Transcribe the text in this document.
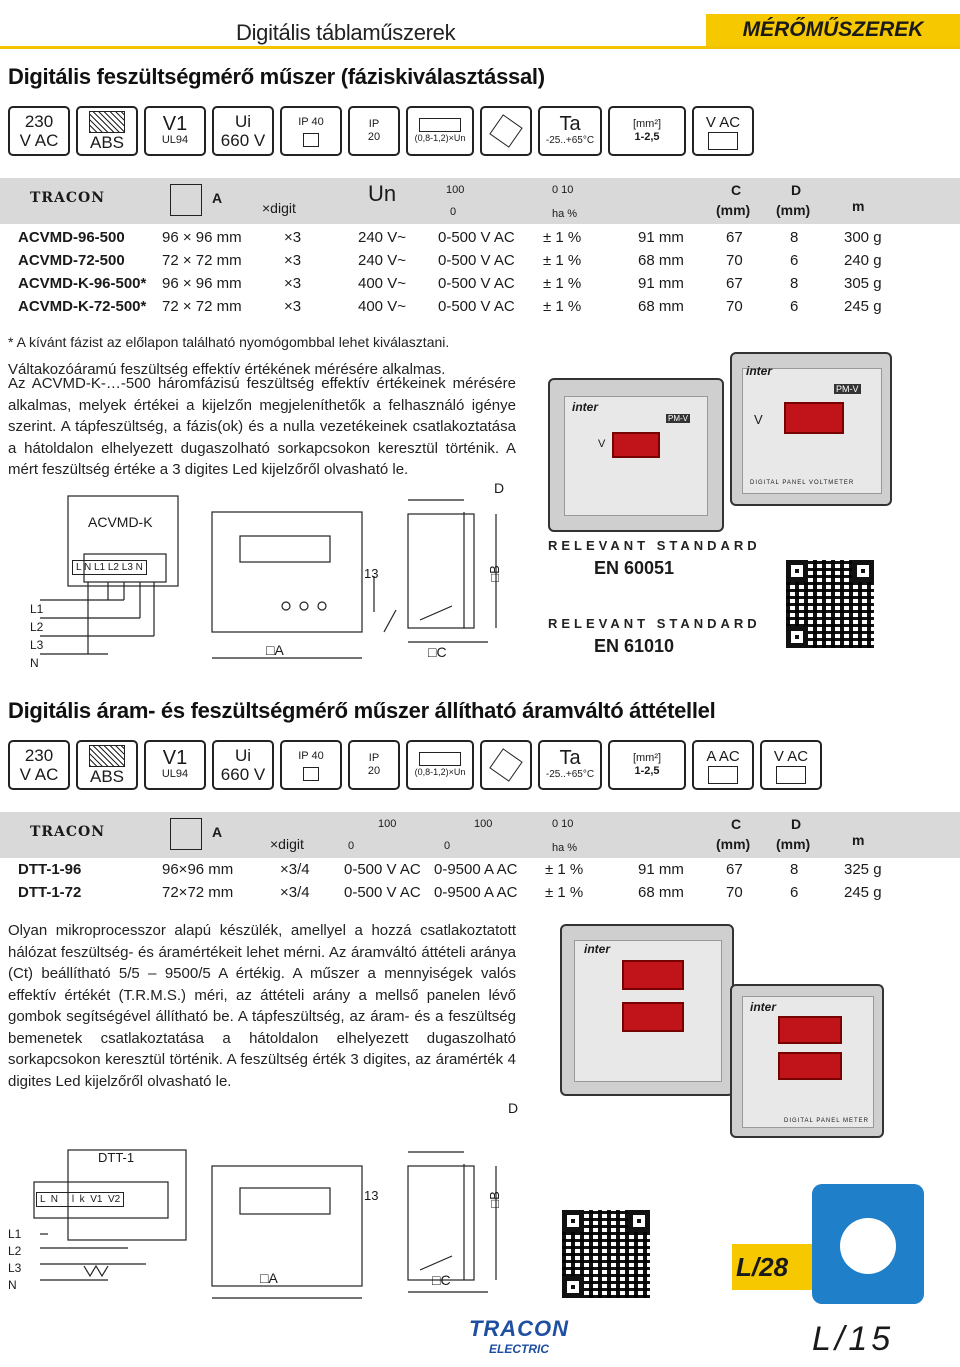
Digitális táblaműszerek	MÉRŐMŰSZEREK
Digitális feszültségmérő műszer (fáziskiválasztással)
230
V AC ABS
V1
UL94
Ui
660 V
IP 40	IP
20	(0,8-1,2)×Un
Ta
-25..+65°C
[mm²]
1-2,5
V AC
TRACON	A
×digit
Un
0
100	0 10
ha %
C
(mm)
D
(mm)	m
ACVMD-96-500 96 × 96 mm	×3	240 V~ 0-500 V AC ± 1 %	91 mm	67	8	300 g
ACVMD-72-500 72 × 72 mm	×3	240 V~ 0-500 V AC ± 1 %	68 mm	70	6	240 g
ACVMD-K-96-500* 96 × 96 mm	×3	400 V~ 0-500 V AC ± 1 %	91 mm	67	8	305 g
ACVMD-K-72-500* 72 × 72 mm	×3	400 V~ 0-500 V AC ± 1 %	68 mm	70	6	245 g
* A kívánt fázist az előlapon található nyomógombbal lehet kiválasztani.
Váltakozóáramú feszültség effektív értékének mérésére alkalmas.
Az ACVMD-K-…-500 háromfázisú feszültség effektív értékeinek mérésére alkalmas, melyek értékei a kijelzőn megjeleníthetők a felhasználó igénye szerint. A tápfeszültség, a fázis(ok) és a nulla vezetékeinek csatlakoztatása a hátoldalon elhelyezett dugaszolható sorkapcsokon keresztül történik. A mért feszültség értéke a 3 digites Led kijelzőről olvasható le.
inter
PM-V
V
inter
PM-V
V
DIGITAL PANEL VOLTMETER
ACVMD-K
L N L1 L2 L3 N
L1
L2
L3
N
□A
13	□B
□C
D
RELEVANT STANDARD
EN 60051
RELEVANT STANDARD
EN 61010
Digitális áram- és feszültségmérő műszer állítható áramváltó áttétellel
230
V AC ABS
V1
UL94
Ui
660 V
IP 40	IP
20	(0,8-1,2)×Un
Ta
-25..+65°C
[mm²]
1-2,5
A AC V AC
TRACON	A
×digit	0
100
0
100	0 10
ha %
C
(mm)
D
(mm)	m
DTT-1-96	96×96 mm	×3/4 0-500 V AC 0-9500 A AC ± 1 %	91 mm	67	8	325 g
DTT-1-72	72×72 mm	×3/4 0-500 V AC 0-9500 A AC ± 1 %	68 mm	70	6	245 g
Olyan mikroprocesszor alapú készülék, amellyel a hozzá csatlakoztatott hálózat feszültség- és áramértékeit lehet mérni. Az áramváltó áttételi aránya (Ct) beállítható 5/5 – 9500/5 A értékig. A műszer a mennyiségek valós effektív értékét (T.R.M.S.) méri, az áttételi arány a mellső panelen lévő gombok segítségével állítható be. A tápfeszültség, az áram- és a feszültség bemenetek csatlakoztatása a hátoldalon elhelyezett dugaszolható sorkapcsokon keresztül történik. A feszültség érték 3 digites, az áramérték 4 digites Led kijelzőről olvasható le.
inter
inter
DIGITAL PANEL METER
DTT-1
L  N     l  k  V1  V2
L1
L2
L3
N	□A
13	□B
□C
D
L/28
TRACON
ELECTRIC	L/15
